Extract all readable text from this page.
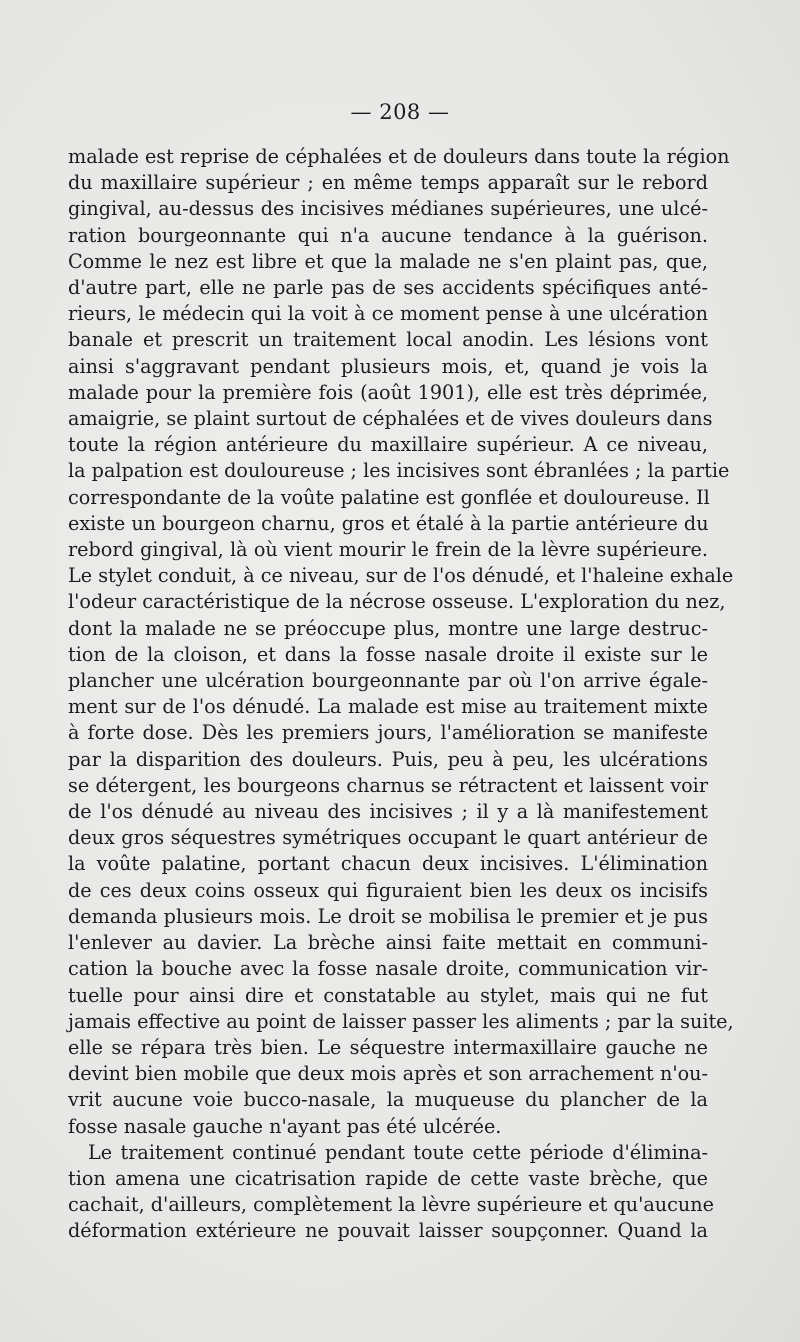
— 208 —
malade est reprise de céphalées et de douleurs dans toute la région
du maxillaire supérieur ; en même temps apparaît sur le rebord
gingival, au-dessus des incisives médianes supérieures, une ulcé-
ration bourgeonnante qui n'a aucune tendance à la guérison.
Comme le nez est libre et que la malade ne s'en plaint pas, que,
d'autre part, elle ne parle pas de ses accidents spécifiques anté-
rieurs, le médecin qui la voit à ce moment pense à une ulcération
banale et prescrit un traitement local anodin. Les lésions vont
ainsi s'aggravant pendant plusieurs mois, et, quand je vois la
malade pour la première fois (août 1901), elle est très déprimée,
amaigrie, se plaint surtout de céphalées et de vives douleurs dans
toute la région antérieure du maxillaire supérieur. A ce niveau,
la palpation est douloureuse ; les incisives sont ébranlées ; la partie
correspondante de la voûte palatine est gonflée et douloureuse. Il
existe un bourgeon charnu, gros et étalé à la partie antérieure du
rebord gingival, là où vient mourir le frein de la lèvre supérieure.
Le stylet conduit, à ce niveau, sur de l'os dénudé, et l'haleine exhale
l'odeur caractéristique de la nécrose osseuse. L'exploration du nez,
dont la malade ne se préoccupe plus, montre une large destruc-
tion de la cloison, et dans la fosse nasale droite il existe sur le
plancher une ulcération bourgeonnante par où l'on arrive égale-
ment sur de l'os dénudé. La malade est mise au traitement mixte
à forte dose. Dès les premiers jours, l'amélioration se manifeste
par la disparition des douleurs. Puis, peu à peu, les ulcérations
se détergent, les bourgeons charnus se rétractent et laissent voir
de l'os dénudé au niveau des incisives ; il y a là manifestement
deux gros séquestres symétriques occupant le quart antérieur de
la voûte palatine, portant chacun deux incisives. L'élimination
de ces deux coins osseux qui figuraient bien les deux os incisifs
demanda plusieurs mois. Le droit se mobilisa le premier et je pus
l'enlever au davier. La brèche ainsi faite mettait en communi-
cation la bouche avec la fosse nasale droite, communication vir-
tuelle pour ainsi dire et constatable au stylet, mais qui ne fut
jamais effective au point de laisser passer les aliments ; par la suite,
elle se répara très bien. Le séquestre intermaxillaire gauche ne
devint bien mobile que deux mois après et son arrachement n'ou-
vrit aucune voie bucco-nasale, la muqueuse du plancher de la
fosse nasale gauche n'ayant pas été ulcérée.
Le traitement continué pendant toute cette période d'élimina-
tion amena une cicatrisation rapide de cette vaste brèche, que
cachait, d'ailleurs, complètement la lèvre supérieure et qu'aucune
déformation extérieure ne pouvait laisser soupçonner. Quand la
